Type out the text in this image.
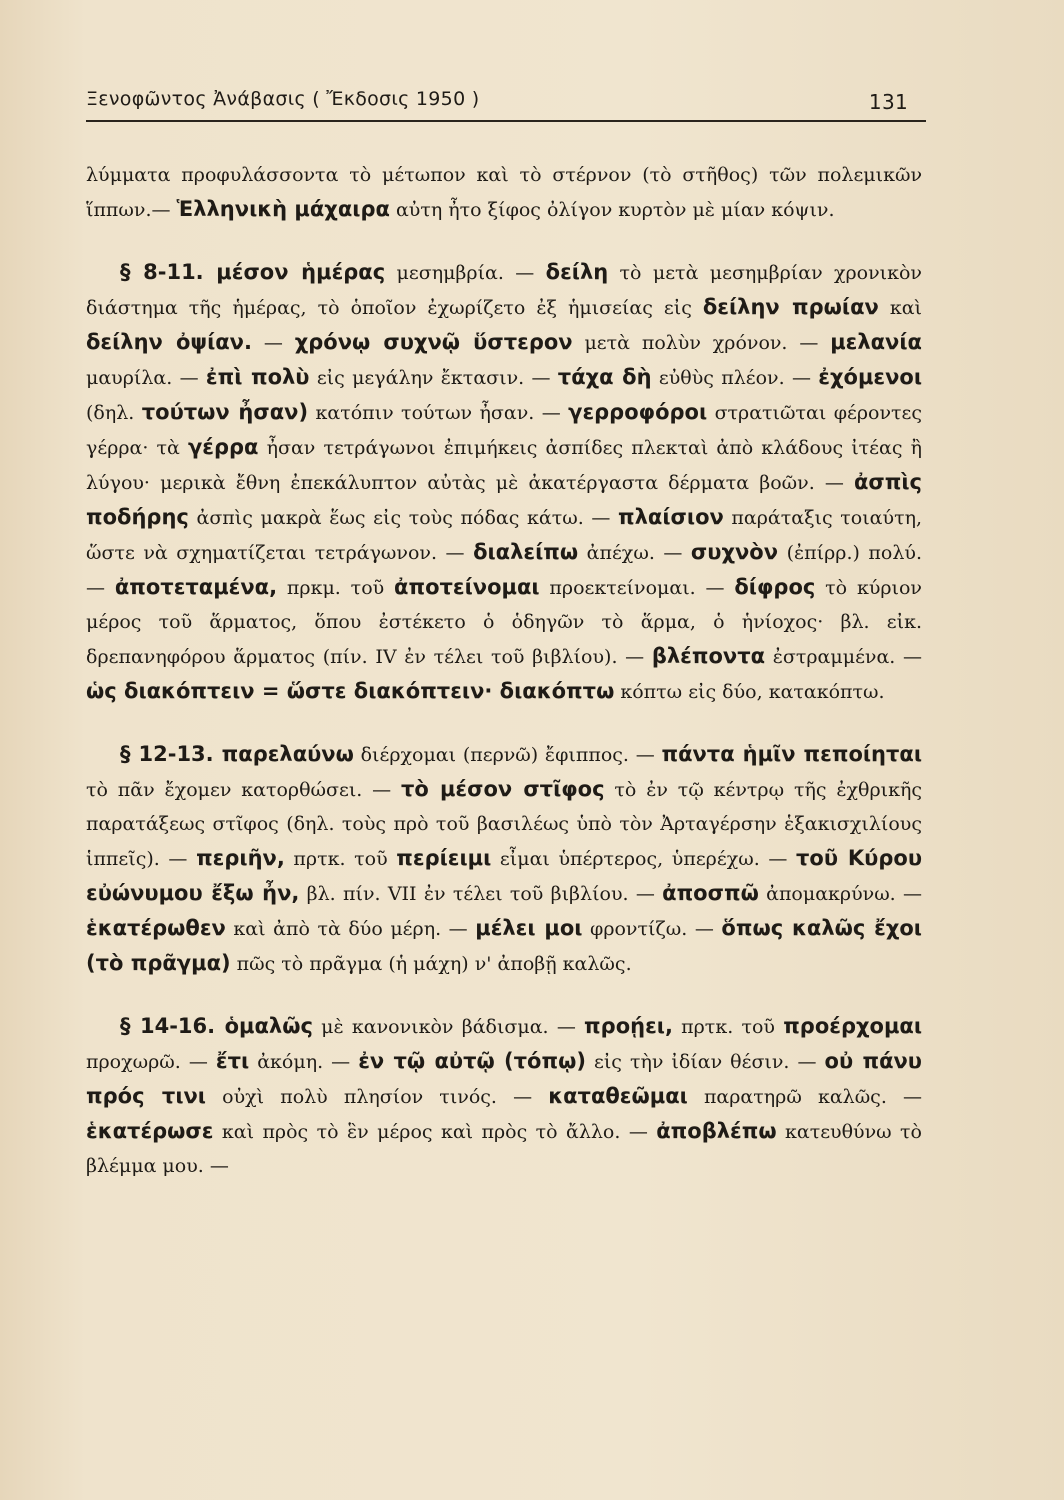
Ξενοφῶντος Ἀνάβασις ( Ἔκδοσις 1950 )	131

λύμματα προφυλάσσοντα τὸ μέτωπον καὶ τὸ στέρνον (τὸ στῆθος) τῶν πολεμικῶν ἵππων.— Ἑλληνικὴ μάχαιρα αὐτη ἦτο ξίφος ὀλίγον κυρτὸν μὲ μίαν κόψιν.

§ 8-11. μέσον ἡμέρας μεσημβρία. — δείλη τὸ μετὰ μεσημβρίαν χρονικὸν διάστημα τῆς ἡμέρας, τὸ ὁποῖον ἐχωρίζετο ἐξ ἡμισείας εἰς δείλην πρωίαν καὶ δείλην ὀψίαν. — χρόνῳ συχνῷ ὕστερον μετὰ πολὺν χρόνον. — μελανία μαυρίλα. — ἐπὶ πολὺ εἰς μεγάλην ἔκτασιν. — τάχα δὴ εὐθὺς πλέον. — ἐχόμενοι (δηλ. τούτων ἦσαν) κατόπιν τούτων ἦσαν. — γερροφόροι στρατιῶται φέροντες γέρρα· τὰ γέρρα ἦσαν τετράγωνοι ἐπιμήκεις ἀσπίδες πλεκταὶ ἀπὸ κλάδους ἰτέας ἢ λύγου· μερικὰ ἔθνη ἐπεκάλυπτον αὐτὰς μὲ ἀκατέργαστα δέρματα βοῶν. — ἀσπὶς ποδήρης ἀσπὶς μακρὰ ἕως εἰς τοὺς πόδας κάτω. — πλαίσιον παράταξις τοιαύτη, ὥστε νὰ σχηματίζεται τετράγωνον. — διαλείπω ἀπέχω. — συχνὸν (ἐπίρρ.) πολύ. — ἀποτεταμένα, πρκμ. τοῦ ἀποτείνομαι προεκτείνομαι. — δίφρος τὸ κύριον μέρος τοῦ ἅρματος, ὅπου ἐστέκετο ὁ ὁδηγῶν τὸ ἅρμα, ὁ ἡνίοχος· βλ. εἰκ. δρεπανηφόρου ἅρματος (πίν. IV ἐν τέλει τοῦ βιβλίου). — βλέποντα ἐστραμμένα. — ὡς διακόπτειν = ὥστε διακόπτειν· διακόπτω κόπτω εἰς δύο, κατακόπτω.

§ 12-13. παρελαύνω διέρχομαι (περνῶ) ἔφιππος. — πάντα ἡμῖν πεποίηται τὸ πᾶν ἔχομεν κατορθώσει. — τὸ μέσον στῖφος τὸ ἐν τῷ κέντρῳ τῆς ἐχθρικῆς παρατάξεως στῖφος (δηλ. τοὺς πρὸ τοῦ βασιλέως ὑπὸ τὸν Ἀρταγέρσην ἑξακισχιλίους ἱππεῖς). — περιῆν, πρτκ. τοῦ περίειμι εἶμαι ὑπέρτερος, ὑπερέχω. — τοῦ Κύρου εὐώνυμου ἔξω ἦν, βλ. πίν. VII ἐν τέλει τοῦ βιβλίου. — ἀποσπῶ ἀπομακρύνω. — ἑκατέρωθεν καὶ ἀπὸ τὰ δύο μέρη. — μέλει μοι φροντίζω. — ὅπως καλῶς ἔχοι (τὸ πρᾶγμα) πῶς τὸ πρᾶγμα (ἡ μάχη) ν' ἀποβῇ καλῶς.

§ 14-16. ὁμαλῶς μὲ κανονικὸν βάδισμα. — προῄει, πρτκ. τοῦ προέρχομαι προχωρῶ. — ἔτι ἀκόμη. — ἐν τῷ αὐτῷ (τόπῳ) εἰς τὴν ἰδίαν θέσιν. — οὐ πάνυ πρός τινι οὐχὶ πολὺ πλησίον τινός. — καταθεῶμαι παρατηρῶ καλῶς. — ἑκατέρωσε καὶ πρὸς τὸ ἓν μέρος καὶ πρὸς τὸ ἄλλο. — ἀποβλέπω κατευθύνω τὸ βλέμμα μου. —
